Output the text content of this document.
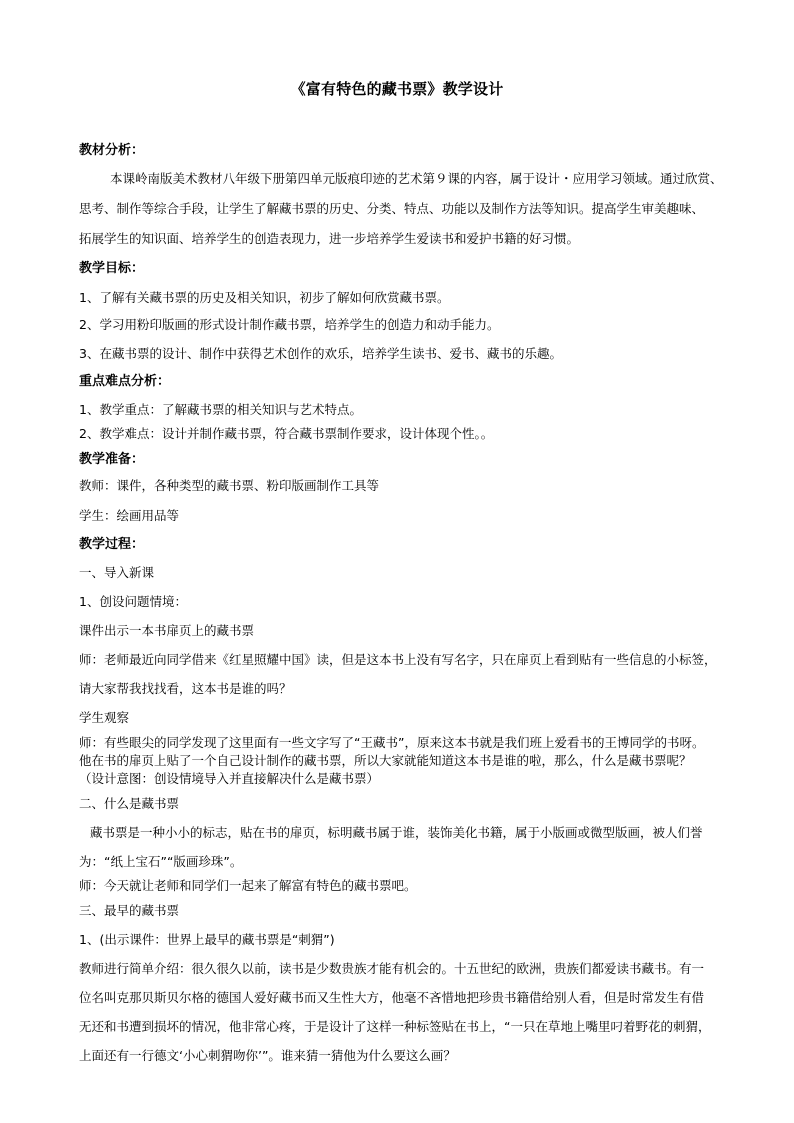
《富有特色的藏书票》教学设计
教材分析：
本课岭南版美术教材八年级下册第四单元版痕印迹的艺术第９课的内容，属于设计・应用学习领域。通过欣赏、
思考、制作等综合手段，让学生了解藏书票的历史、分类、特点、功能以及制作方法等知识。提高学生审美趣味、
拓展学生的知识面、培养学生的创造表现力，进一步培养学生爱读书和爱护书籍的好习惯。
教学目标：
1、了解有关藏书票的历史及相关知识，初步了解如何欣赏藏书票。
2、学习用粉印版画的形式设计制作藏书票，培养学生的创造力和动手能力。
3、在藏书票的设计、制作中获得艺术创作的欢乐，培养学生读书、爱书、藏书的乐趣。
重点难点分析：
1、教学重点：了解藏书票的相关知识与艺术特点。
2、教学难点：设计并制作藏书票，符合藏书票制作要求，设计体现个性。。
教学准备：
教师：课件，各种类型的藏书票、粉印版画制作工具等
学生：绘画用品等
教学过程：
一、导入新课
1、创设问题情境：
课件出示一本书扉页上的藏书票
师：老师最近向同学借来《红星照耀中国》读，但是这本书上没有写名字，只在扉页上看到贴有一些信息的小标签，
请大家帮我找找看，这本书是谁的吗？
学生观察
师：有些眼尖的同学发现了这里面有一些文字写了“王藏书”，原来这本书就是我们班上爱看书的王博同学的书呀。
他在书的扉页上贴了一个自己设计制作的藏书票，所以大家就能知道这本书是谁的啦，那么，什么是藏书票呢？
（设计意图：创设情境导入并直接解决什么是藏书票）
二、什么是藏书票
藏书票是一种小小的标志，贴在书的扉页，标明藏书属于谁，装饰美化书籍，属于小版画或微型版画，被人们誉
为：“纸上宝石”“版画珍珠”。
师：今天就让老师和同学们一起来了解富有特色的藏书票吧。
三、最早的藏书票
1、(出示课件：世界上最早的藏书票是“刺猬”)
教师进行简单介绍：很久很久以前，读书是少数贵族才能有机会的。十五世纪的欧洲，贵族们都爱读书藏书。有一
位名叫克那贝斯贝尔格的德国人爱好藏书而又生性大方，他毫不吝惜地把珍贵书籍借给别人看，但是时常发生有借
无还和书遭到损坏的情况，他非常心疼，于是设计了这样一种标签贴在书上，“一只在草地上嘴里叼着野花的刺猬，
上面还有一行德文‘小心刺猬吻你’”。谁来猜一猜他为什么要这么画？
